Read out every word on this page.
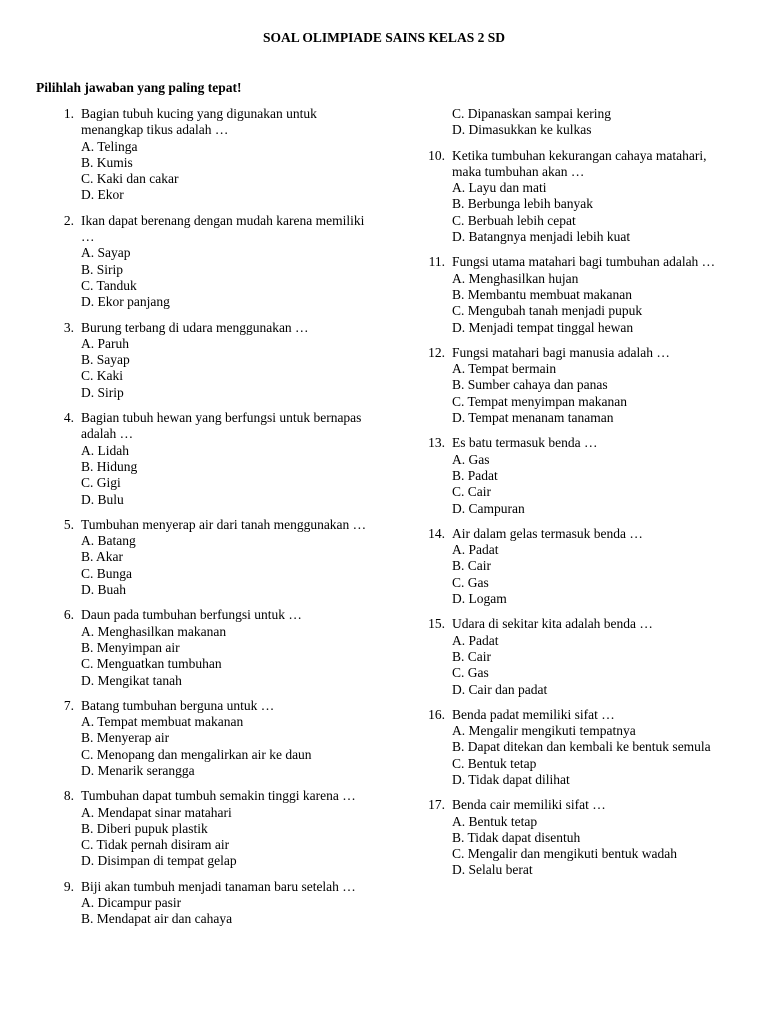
SOAL OLIMPIADE SAINS KELAS 2 SD
Pilihlah jawaban yang paling tepat!
1. Bagian tubuh kucing yang digunakan untuk menangkap tikus adalah …
A. Telinga
B. Kumis
C. Kaki dan cakar
D. Ekor
2. Ikan dapat berenang dengan mudah karena memiliki …
A. Sayap
B. Sirip
C. Tanduk
D. Ekor panjang
3. Burung terbang di udara menggunakan …
A. Paruh
B. Sayap
C. Kaki
D. Sirip
4. Bagian tubuh hewan yang berfungsi untuk bernapas adalah …
A. Lidah
B. Hidung
C. Gigi
D. Bulu
5. Tumbuhan menyerap air dari tanah menggunakan …
A. Batang
B. Akar
C. Bunga
D. Buah
6. Daun pada tumbuhan berfungsi untuk …
A. Menghasilkan makanan
B. Menyimpan air
C. Menguatkan tumbuhan
D. Mengikat tanah
7. Batang tumbuhan berguna untuk …
A. Tempat membuat makanan
B. Menyerap air
C. Menopang dan mengalirkan air ke daun
D. Menarik serangga
8. Tumbuhan dapat tumbuh semakin tinggi karena …
A. Mendapat sinar matahari
B. Diberi pupuk plastik
C. Tidak pernah disiram air
D. Disimpan di tempat gelap
9. Biji akan tumbuh menjadi tanaman baru setelah …
A. Dicampur pasir
B. Mendapat air dan cahaya
C. Dipanaskan sampai kering
D. Dimasukkan ke kulkas
10. Ketika tumbuhan kekurangan cahaya matahari, maka tumbuhan akan …
A. Layu dan mati
B. Berbunga lebih banyak
C. Berbuah lebih cepat
D. Batangnya menjadi lebih kuat
11. Fungsi utama matahari bagi tumbuhan adalah …
A. Menghasilkan hujan
B. Membantu membuat makanan
C. Mengubah tanah menjadi pupuk
D. Menjadi tempat tinggal hewan
12. Fungsi matahari bagi manusia adalah …
A. Tempat bermain
B. Sumber cahaya dan panas
C. Tempat menyimpan makanan
D. Tempat menanam tanaman
13. Es batu termasuk benda …
A. Gas
B. Padat
C. Cair
D. Campuran
14. Air dalam gelas termasuk benda …
A. Padat
B. Cair
C. Gas
D. Logam
15. Udara di sekitar kita adalah benda …
A. Padat
B. Cair
C. Gas
D. Cair dan padat
16. Benda padat memiliki sifat …
A. Mengalir mengikuti tempatnya
B. Dapat ditekan dan kembali ke bentuk semula
C. Bentuk tetap
D. Tidak dapat dilihat
17. Benda cair memiliki sifat …
A. Bentuk tetap
B. Tidak dapat disentuh
C. Mengalir dan mengikuti bentuk wadah
D. Selalu berat
